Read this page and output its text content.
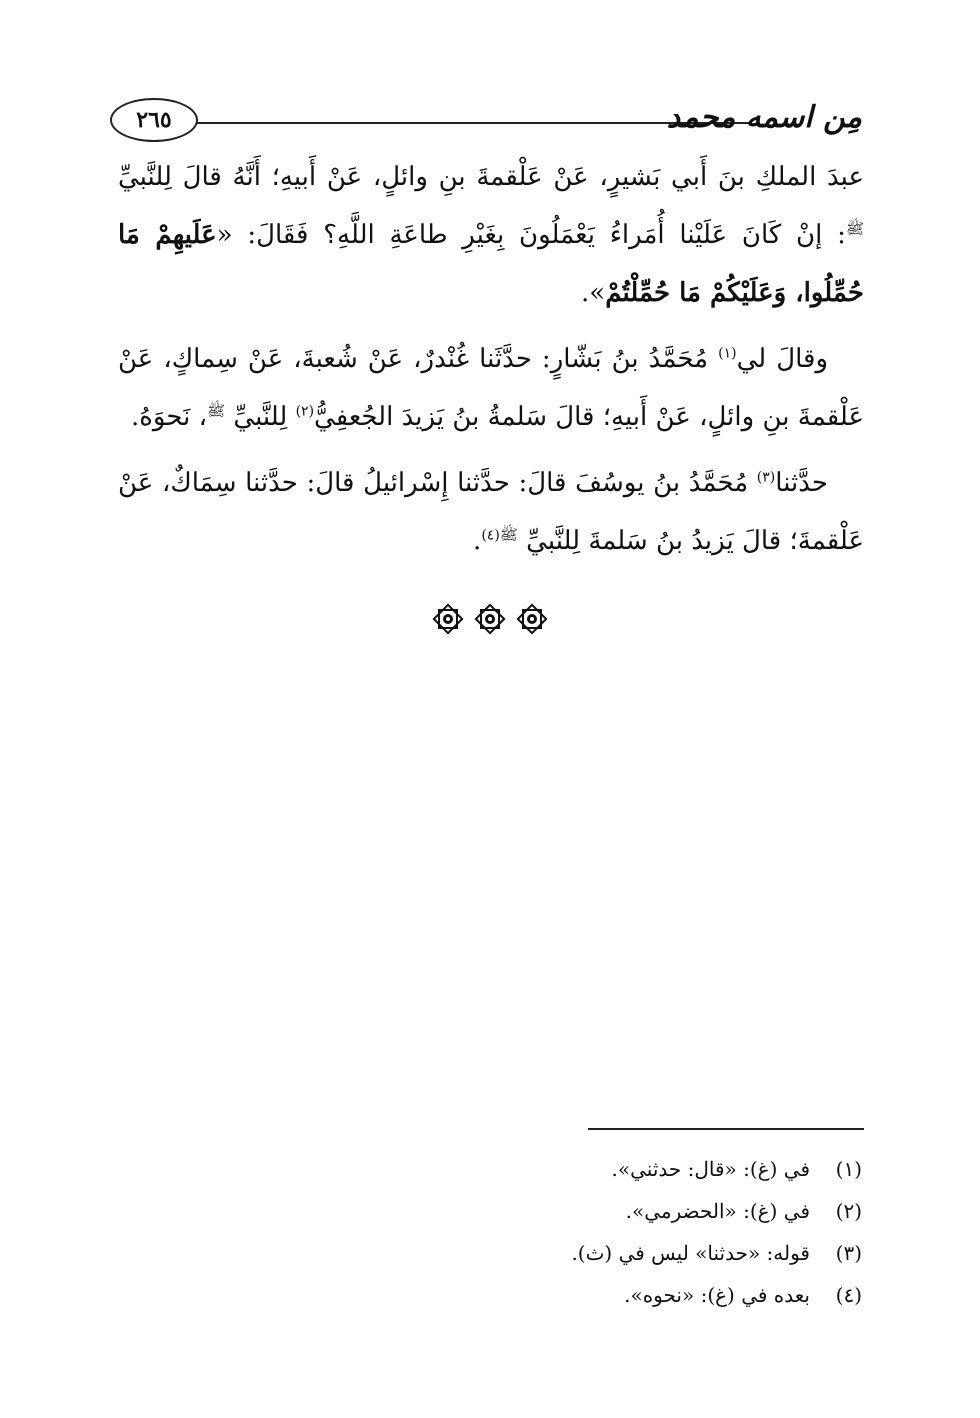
٢٦٥	مِن اسمه محمد

عبدَ الملكِ بنَ أَبي بَشيرٍ، عَنْ عَلْقمةَ بنِ وائلٍ، عَنْ أَبيهِ؛ أَنَّهُ قالَ لِلنَّبيِّ $^ﷺ$: إنْ كَانَ عَلَيْنا أُمَراءُ يَعْمَلُونَ بِغَيْرِ طاعَةِ اللَّهِ؟ فَقَالَ: «عَلَيهِمْ مَا حُمِّلُوا، وَعَلَيْكُمْ مَا حُمِّلْتُمْ».

وقالَ لي$^{(١)}$ مُحَمَّدُ بنُ بَشّارٍ: حدَّثَنا غُنْدرٌ، عَنْ شُعبةَ، عَنْ سِماكٍ، عَنْ عَلْقمةَ بنِ وائلٍ، عَنْ أَبيهِ؛ قالَ سَلمةُ بنُ يَزيدَ الجُعفِيُّ$^{(٢)}$ لِلنَّبيِّ $^ﷺ$، نَحوَهُ.

حدَّثنا$^{(٣)}$ مُحَمَّدُ بنُ يوسُفَ قالَ: حدَّثنا إِسْرائيلُ قالَ: حدَّثنا سِمَاكٌ، عَنْ عَلْقمةَ؛ قالَ يَزيدُ بنُ سَلمةَ لِلنَّبيِّ $^{ﷺ(٤)}$.

(١)
في (غ): «قال: حدثني».
(٢)
في (غ): «الحضرمي».
(٣)
قوله: «حدثنا» ليس في (ث).
(٤)
بعده في (غ): «نحوه».
